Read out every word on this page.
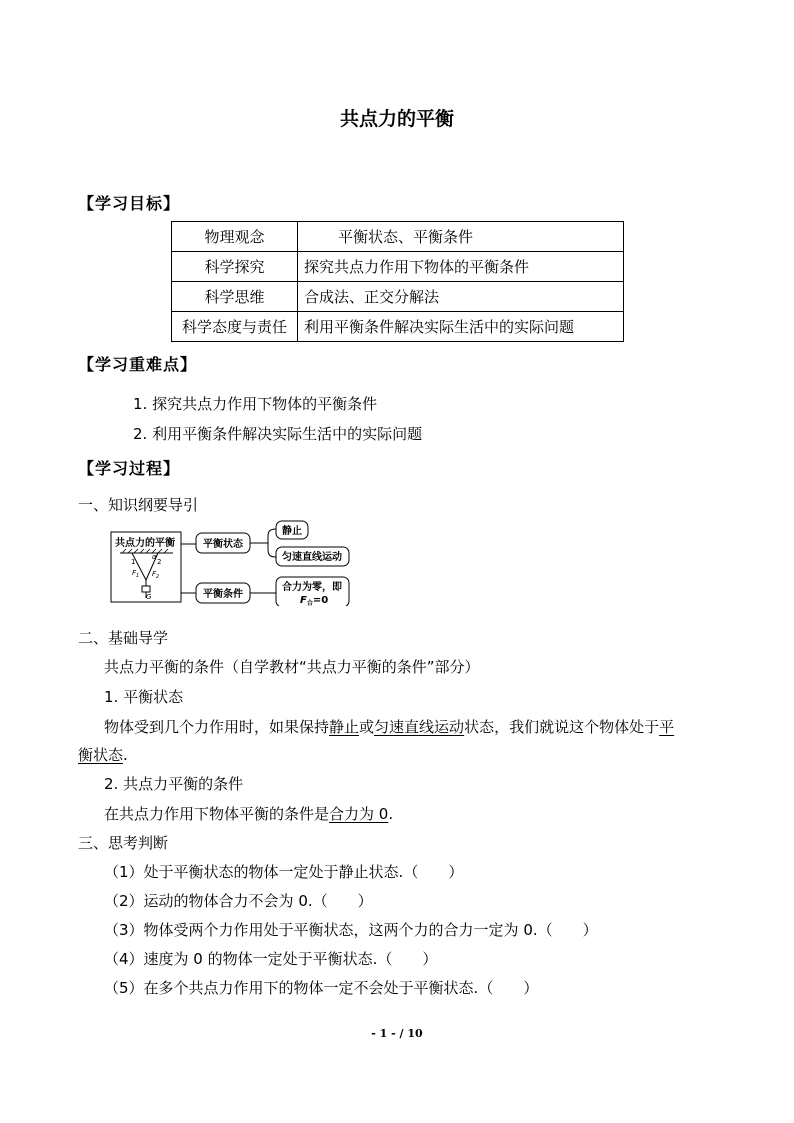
共点力的平衡
【学习目标】
物理观念	平衡状态、平衡条件
科学探究	探究共点力作用下物体的平衡条件
科学思维	合成法、正交分解法
科学态度与责任	利用平衡条件解决实际生活中的实际问题
【学习重难点】
1. 探究共点力作用下物体的平衡条件
2. 利用平衡条件解决实际生活中的实际问题
【学习过程】
一、知识纲要导引
共点力的平衡
α
1	2
$F_1$ $F_2$
G
平衡状态
平衡条件
静止
匀速直线运动
合力为零，即
$F_合=0$
二、基础导学
共点力平衡的条件（自学教材“共点力平衡的条件”部分）
1. 平衡状态
物体受到几个力作用时，如果保持静止或匀速直线运动状态，我们就说这个物体处于平
衡状态.
2. 共点力平衡的条件
在共点力作用下物体平衡的条件是合力为 0.
三、思考判断
（1）处于平衡状态的物体一定处于静止状态.（　　）
（2）运动的物体合力不会为 0.（　　）
（3）物体受两个力作用处于平衡状态，这两个力的合力一定为 0.（　　）
（4）速度为 0 的物体一定处于平衡状态.（　　）
（5）在多个共点力作用下的物体一定不会处于平衡状态.（　　）
- 1 - / 10
